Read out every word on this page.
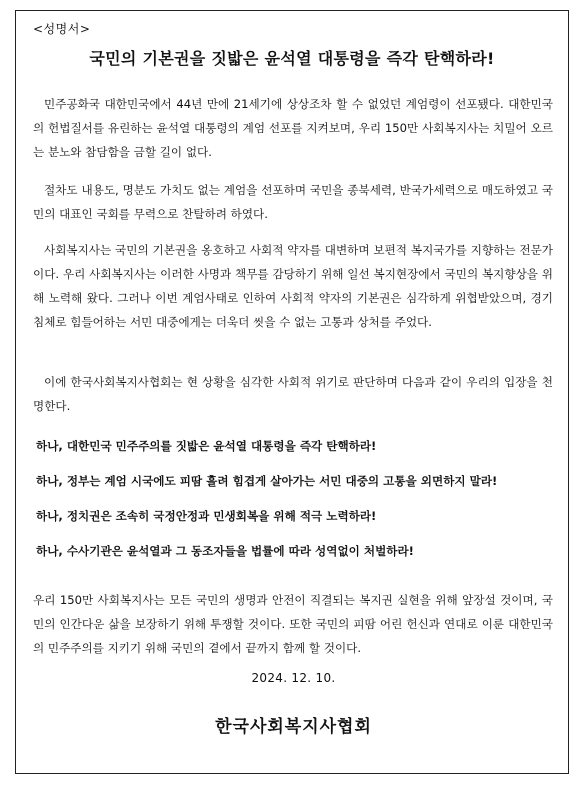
<성명서>
국민의 기본권을 짓밟은 윤석열 대통령을 즉각 탄핵하라!

민주공화국 대한민국에서 44년 만에 21세기에 상상조차 할 수 없었던 계엄령이 선포됐다. 대한민국의 헌법질서를 유린하는 윤석열 대통령의 계엄 선포를 지켜보며, 우리 150만 사회복지사는 치밀어 오르는 분노와 참담함을 금할 길이 없다.

절차도 내용도, 명분도 가치도 없는 계엄을 선포하며 국민을 종북세력, 반국가세력으로 매도하였고 국민의 대표인 국회를 무력으로 찬탈하려 하였다.

사회복지사는 국민의 기본권을 옹호하고 사회적 약자를 대변하며 보편적 복지국가를 지향하는 전문가이다. 우리 사회복지사는 이러한 사명과 책무를 감당하기 위해 일선 복지현장에서 국민의 복지향상을 위해 노력해 왔다. 그러나 이번 계엄사태로 인하여 사회적 약자의 기본권은 심각하게 위협받았으며, 경기침체로 힘들어하는 서민 대중에게는 더욱더 씻을 수 없는 고통과 상처를 주었다.

이에 한국사회복지사협회는 현 상황을 심각한 사회적 위기로 판단하며 다음과 같이 우리의 입장을 천명한다.

하나, 대한민국 민주주의를 짓밟은 윤석열 대통령을 즉각 탄핵하라!
하나, 정부는 계엄 시국에도 피땀 흘려 힘겹게 살아가는 서민 대중의 고통을 외면하지 말라!
하나, 정치권은 조속히 국정안정과 민생회복을 위해 적극 노력하라!
하나, 수사기관은 윤석열과 그 동조자들을 법률에 따라 성역없이 처벌하라!

우리 150만 사회복지사는 모든 국민의 생명과 안전이 직결되는 복지권 실현을 위해 앞장설 것이며, 국민의 인간다운 삶을 보장하기 위해 투쟁할 것이다. 또한 국민의 피땀 어린 헌신과 연대로 이룬 대한민국의 민주주의를 지키기 위해 국민의 곁에서 끝까지 함께 할 것이다.

2024. 12. 10.
한국사회복지사협회
